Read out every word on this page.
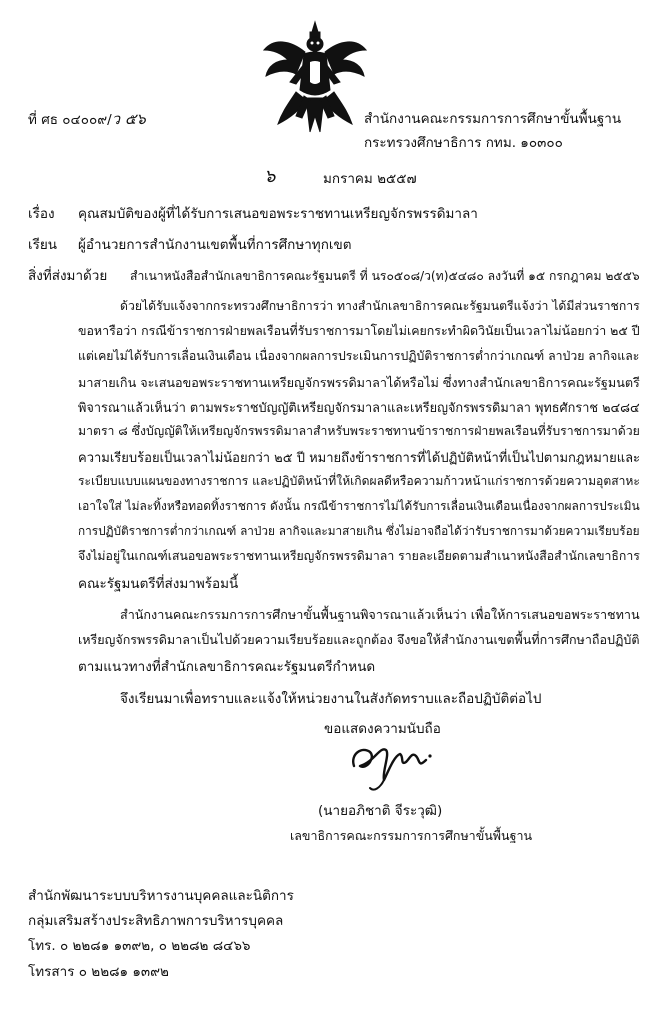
ที่ ศธ ๐๔๐๐๙/ว ๕๖	สำนักงานคณะกรรมการการศึกษาขั้นพื้นฐาน
กระทรวงศึกษาธิการ กทม. ๑๐๓๐๐
๖	มกราคม ๒๕๕๗
เรื่อง คุณสมบัติของผู้ที่ได้รับการเสนอขอพระราชทานเหรียญจักรพรรดิมาลา
เรียน ผู้อำนวยการสำนักงานเขตพื้นที่การศึกษาทุกเขต
สิ่งที่ส่งมาด้วย สำเนาหนังสือสำนักเลขาธิการคณะรัฐมนตรี ที่ นร๐๕๐๘/ว(ท)๕๔๘๐ ลงวันที่ ๑๕ กรกฎาคม ๒๕๕๖
ด้วยได้รับแจ้งจากกระทรวงศึกษาธิการว่า ทางสำนักเลขาธิการคณะรัฐมนตรีแจ้งว่า ได้มีส่วนราชการ
ขอหารือว่า กรณีข้าราชการฝ่ายพลเรือนที่รับราชการมาโดยไม่เคยกระทำผิดวินัยเป็นเวลาไม่น้อยกว่า ๒๕ ปี
แต่เคยไม่ได้รับการเลื่อนเงินเดือน เนื่องจากผลการประเมินการปฏิบัติราชการต่ำกว่าเกณฑ์ ลาป่วย ลากิจและ
มาสายเกิน จะเสนอขอพระราชทานเหรียญจักรพรรดิมาลาได้หรือไม่ ซึ่งทางสำนักเลขาธิการคณะรัฐมนตรี
พิจารณาแล้วเห็นว่า ตามพระราชบัญญัติเหรียญจักรมาลาและเหรียญจักรพรรดิมาลา พุทธศักราช ๒๔๘๔
มาตรา ๘ ซึ่งบัญญัติให้เหรียญจักรพรรดิมาลาสำหรับพระราชทานข้าราชการฝ่ายพลเรือนที่รับราชการมาด้วย
ความเรียบร้อยเป็นเวลาไม่น้อยกว่า ๒๕ ปี หมายถึงข้าราชการที่ได้ปฏิบัติหน้าที่เป็นไปตามกฎหมายและ
ระเบียบแบบแผนของทางราชการ และปฏิบัติหน้าที่ให้เกิดผลดีหรือความก้าวหน้าแก่ราชการด้วยความอุตสาหะ
เอาใจใส่ ไม่ละทิ้งหรือทอดทิ้งราชการ ดังนั้น กรณีข้าราชการไม่ได้รับการเลื่อนเงินเดือนเนื่องจากผลการประเมิน
การปฏิบัติราชการต่ำกว่าเกณฑ์ ลาป่วย ลากิจและมาสายเกิน ซึ่งไม่อาจถือได้ว่ารับราชการมาด้วยความเรียบร้อย
จึงไม่อยู่ในเกณฑ์เสนอขอพระราชทานเหรียญจักรพรรดิมาลา รายละเอียดตามสำเนาหนังสือสำนักเลขาธิการ
คณะรัฐมนตรีที่ส่งมาพร้อมนี้
สำนักงานคณะกรรมการการศึกษาขั้นพื้นฐานพิจารณาแล้วเห็นว่า เพื่อให้การเสนอขอพระราชทาน
เหรียญจักรพรรดิมาลาเป็นไปด้วยความเรียบร้อยและถูกต้อง จึงขอให้สำนักงานเขตพื้นที่การศึกษาถือปฏิบัติ
ตามแนวทางที่สำนักเลขาธิการคณะรัฐมนตรีกำหนด
จึงเรียนมาเพื่อทราบและแจ้งให้หน่วยงานในสังกัดทราบและถือปฏิบัติต่อไป
ขอแสดงความนับถือ
(นายอภิชาติ จีระวุฒิ)
เลขาธิการคณะกรรมการการศึกษาขั้นพื้นฐาน
สำนักพัฒนาระบบบริหารงานบุคคลและนิติการ
กลุ่มเสริมสร้างประสิทธิภาพการบริหารบุคคล
โทร. ๐ ๒๒๘๑ ๑๓๙๒, ๐ ๒๒๘๒ ๘๔๖๖
โทรสาร ๐ ๒๒๘๑ ๑๓๙๒
